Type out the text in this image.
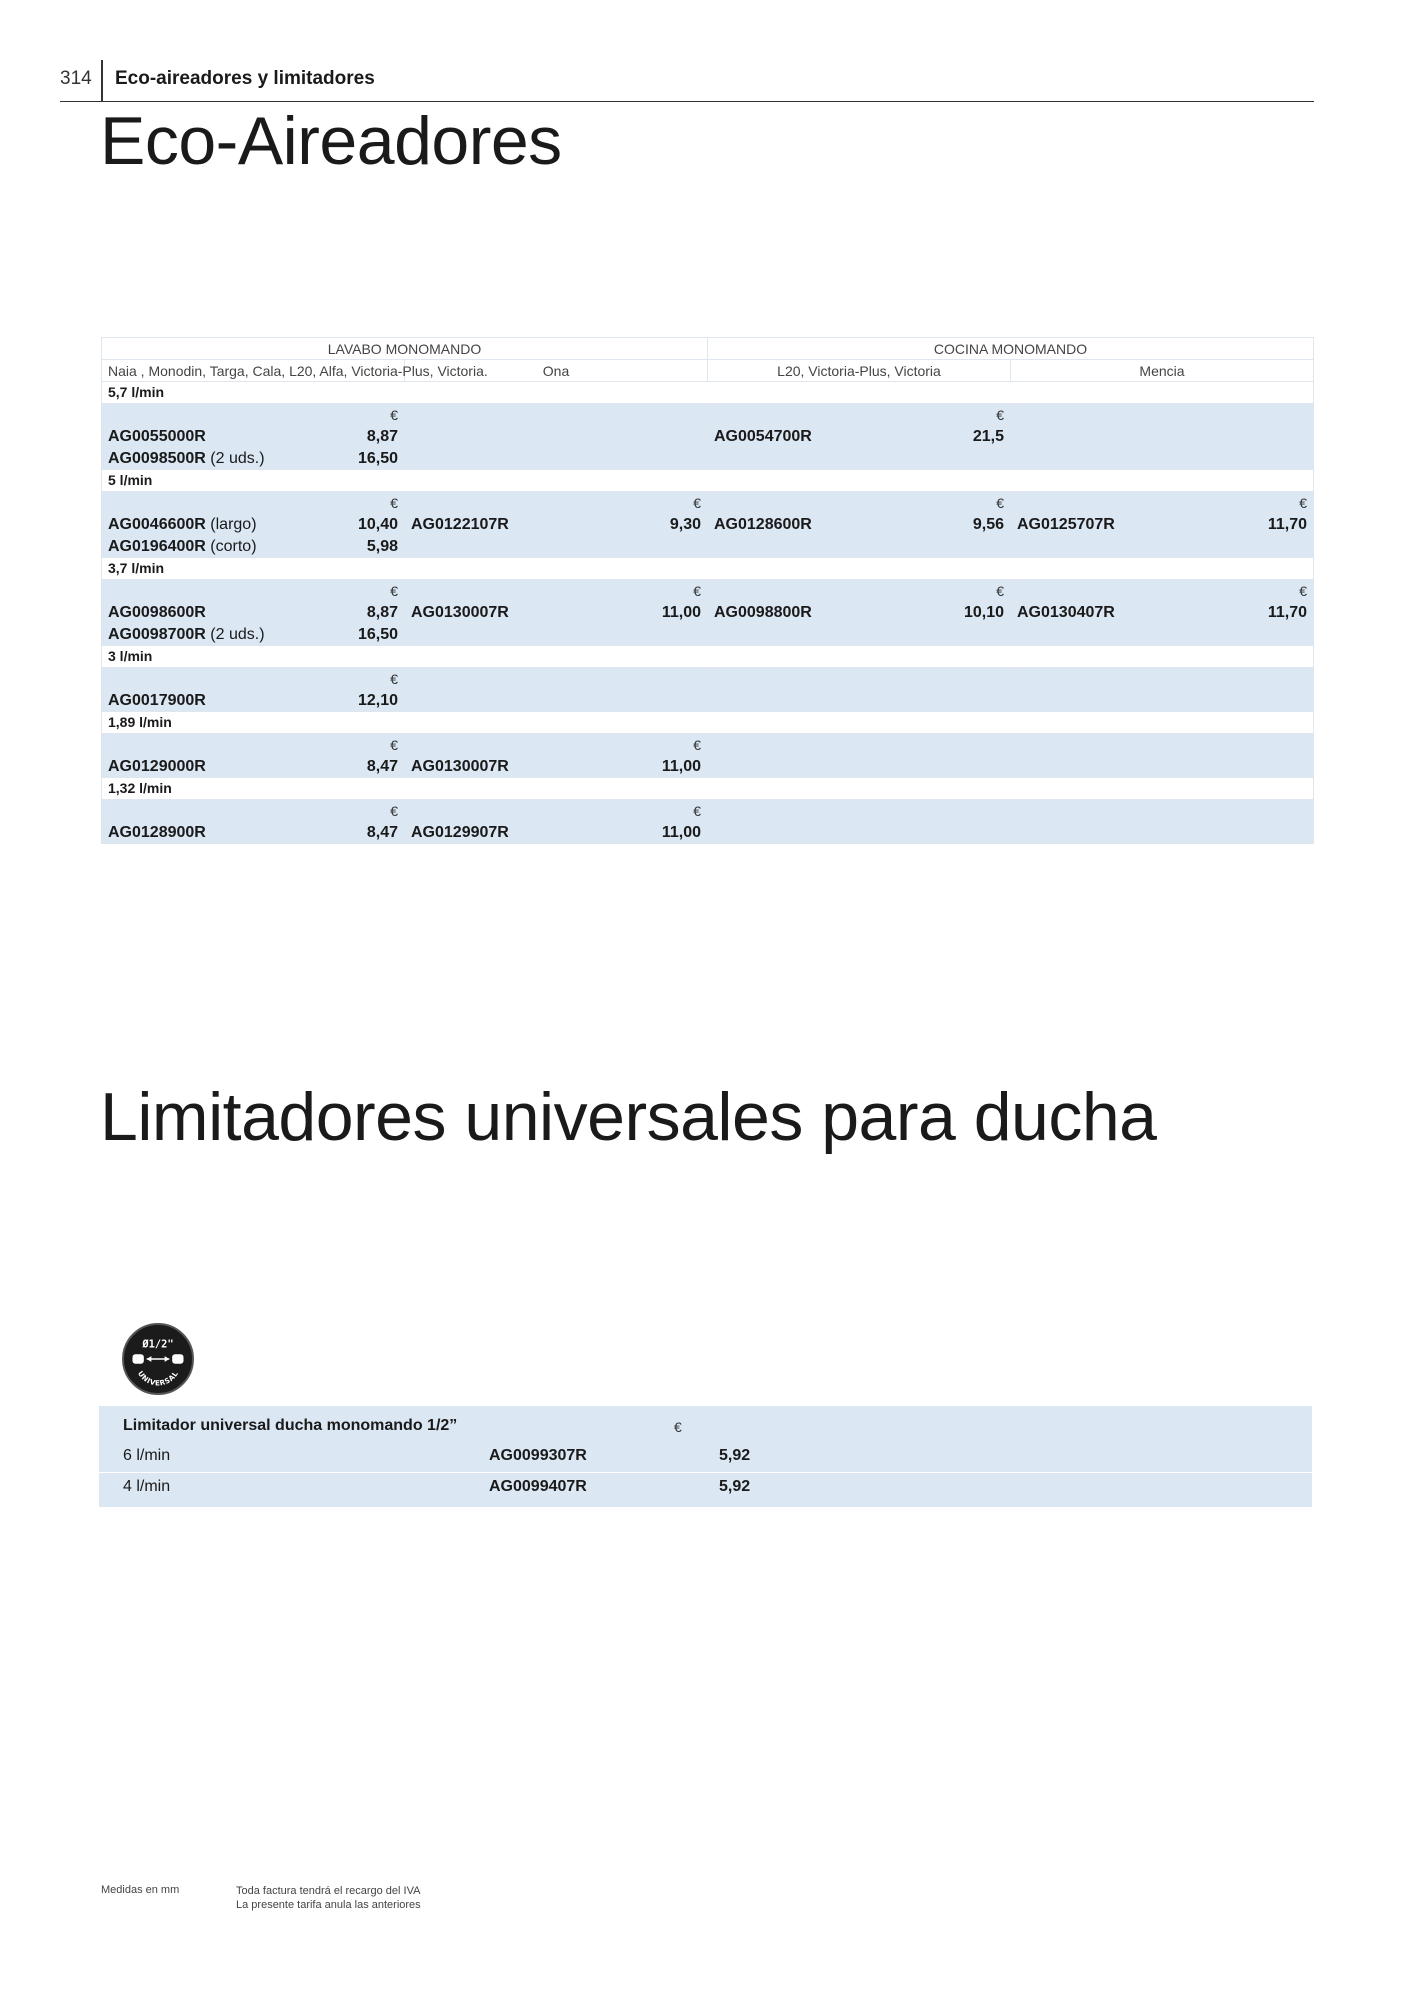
314 Eco-aireadores y limitadores
Eco-Aireadores
LAVABO MONOMANDO		COCINA MONOMANDO	
Naia , Monodin, Targa, Cala, L20, Alfa, Victoria-Plus, Victoria.	Ona	L20, Victoria-Plus, Victoria	Mencia
5,7 l/min			
€		€	

AG0055000R 8,87		AG0054700R 21,5	

AG0098500R (2 uds.) 16,50			

5 l/min			
€	€	€	€

AG0046600R (largo) 10,40	AG0122107R 9,30	AG0128600R 9,56	AG0125707R 11,70

AG0196400R (corto) 5,98			

3,7 l/min			
€	€	€	€

AG0098600R 8,87	AG0130007R 11,00	AG0098800R 10,10	AG0130407R 11,70

AG0098700R (2 uds.) 16,50			

3 l/min			
€			

AG0017900R 12,10			

1,89 l/min			
€	€		

AG0129000R 8,47	AG0130007R 11,00		

1,32 l/min			
€	€		

AG0128900R 8,47	AG0129907R 11,00		

Limitadores universales para ducha
Ø1/2"
UNIVERSAL
Limitador universal ducha monomando 1/2”	€
6 l/min	AG0099307R	5,92
4 l/min	AG0099407R	5,92
Medidas en mm	Toda factura tendrá el recargo del IVA
La presente tarifa anula las anteriores
